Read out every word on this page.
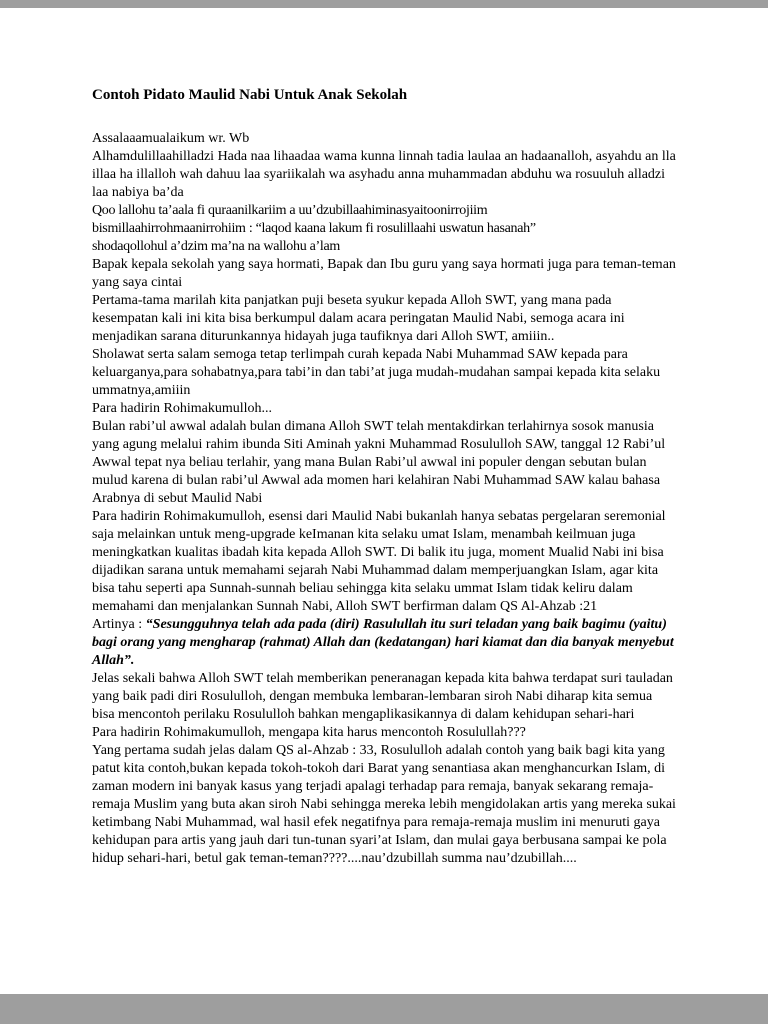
Contoh Pidato Maulid Nabi Untuk Anak Sekolah

Assalaaamualaikum wr. Wb

Alhamdulillaahilladzi Hada naa lihaadaa wama kunna linnah tadia laulaa an hadaanalloh, asyahdu an lla illaa ha illalloh wah dahuu laa syariikalah wa asyhadu anna muhammadan abduhu wa rosuuluh alladzi laa nabiya ba’da

Qoo lallohu ta’aala fi quraanilkariim a uu’dzubillaahiminasyaitoonirrojiim

bismillaahirrohmaanirrohiim : “laqod kaana lakum fi rosulillaahi uswatun hasanah”

shodaqollohul a’dzim ma’na na wallohu a’lam

Bapak kepala sekolah yang saya hormati, Bapak dan Ibu guru yang saya hormati juga para teman-teman yang saya cintai

Pertama-tama marilah kita panjatkan puji beseta syukur kepada Alloh SWT, yang mana pada kesempatan kali ini kita bisa berkumpul dalam acara peringatan Maulid Nabi, semoga acara ini menjadikan sarana diturunkannya hidayah juga taufiknya dari Alloh SWT, amiiin..

Sholawat serta salam semoga tetap terlimpah curah kepada Nabi Muhammad SAW kepada para keluarganya,para sohabatnya,para tabi’in dan tabi’at juga mudah-mudahan sampai kepada kita selaku ummatnya,amiiin

Para hadirin Rohimakumulloh...

Bulan rabi’ul awwal adalah bulan dimana Alloh SWT telah mentakdirkan terlahirnya sosok manusia yang agung melalui rahim ibunda Siti Aminah yakni Muhammad Rosululloh SAW, tanggal 12 Rabi’ul Awwal tepat nya beliau terlahir, yang mana Bulan Rabi’ul awwal ini populer dengan sebutan bulan mulud karena di bulan rabi’ul Awwal ada momen hari kelahiran Nabi Muhammad SAW kalau bahasa Arabnya di sebut Maulid Nabi

Para hadirin Rohimakumulloh, esensi dari Maulid Nabi bukanlah hanya sebatas pergelaran seremonial saja melainkan untuk meng-upgrade keImanan kita selaku umat Islam, menambah keilmuan juga meningkatkan kualitas ibadah kita kepada Alloh SWT. Di balik itu juga, moment Mualid Nabi ini bisa dijadikan sarana untuk memahami sejarah Nabi Muhammad dalam memperjuangkan Islam, agar kita bisa tahu seperti apa Sunnah-sunnah beliau sehingga kita selaku ummat Islam tidak keliru dalam memahami dan menjalankan Sunnah Nabi, Alloh SWT berfirman dalam QS Al-Ahzab :21

Artinya : “Sesungguhnya telah ada pada (diri) Rasulullah itu suri teladan yang baik bagimu (yaitu)        bagi orang yang mengharap (rahmat) Allah dan (kedatangan) hari kiamat dan dia banyak menyebut Allah”.

Jelas sekali bahwa Alloh SWT telah memberikan peneranagan kepada kita bahwa terdapat suri tauladan yang baik padi diri Rosululloh, dengan membuka lembaran-lembaran siroh Nabi diharap kita semua bisa mencontoh perilaku Rosululloh bahkan mengaplikasikannya di dalam kehidupan sehari-hari

Para hadirin Rohimakumulloh, mengapa kita harus mencontoh Rosulullah???

Yang pertama sudah jelas dalam QS al-Ahzab : 33, Rosululloh adalah contoh yang baik bagi kita yang patut kita contoh,bukan kepada tokoh-tokoh dari Barat yang senantiasa akan menghancurkan Islam, di zaman modern ini banyak kasus yang terjadi apalagi terhadap para remaja, banyak sekarang remaja-remaja Muslim yang buta akan siroh Nabi sehingga mereka lebih mengidolakan artis yang mereka sukai ketimbang Nabi Muhammad, wal hasil efek negatifnya para remaja-remaja muslim ini menuruti gaya kehidupan para artis yang jauh dari tun-tunan syari’at Islam, dan mulai gaya berbusana sampai ke pola hidup sehari-hari, betul gak teman-teman????....nau’dzubillah summa nau’dzubillah....
